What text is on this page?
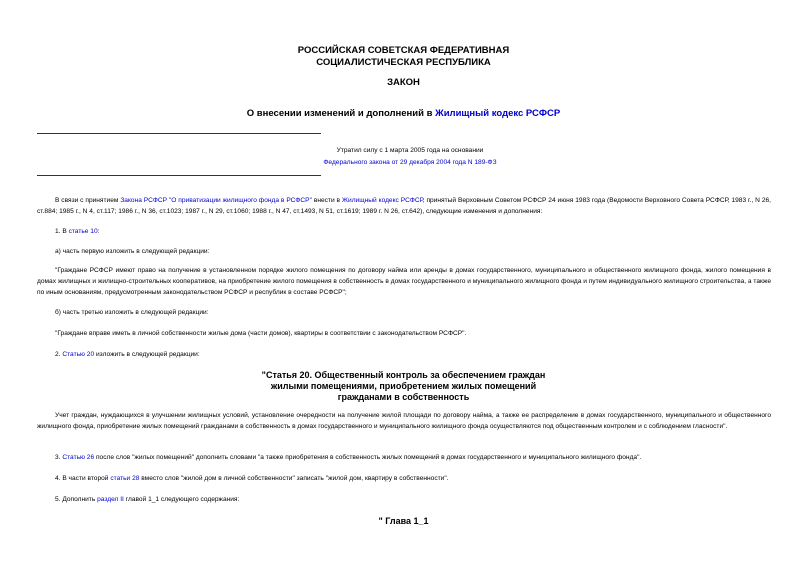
РОССИЙСКАЯ СОВЕТСКАЯ ФЕДЕРАТИВНАЯ
СОЦИАЛИСТИЧЕСКАЯ РЕСПУБЛИКА
ЗАКОН
О внесении изменений и дополнений в Жилищный кодекс РСФСР
Утратил силу с 1 марта 2005 года на основании
Федерального закона от 29 декабря 2004 года N 189-ФЗ
В связи с принятием Закона РСФСР "О приватизации жилищного фонда в РСФСР" внести в Жилищный кодекс РСФСР, принятый Верховным Советом РСФСР 24 июня 1983 года (Ведомости Верховного Совета РСФСР, 1983 г., N 26, ст.884; 1985 г., N 4, ст.117; 1986 г., N 36, ст.1023; 1987 г., N 29, ст.1060; 1988 г., N 47, ст.1493, N 51, ст.1619; 1989 г. N 26, ст.642), следующие изменения и дополнения:
1. В статье 10:
а) часть первую изложить в следующей редакции:
"Граждане РСФСР имеют право на получение в установленном порядке жилого помещения по договору найма или аренды в домах государственного, муниципального и общественного жилищного фонда, жилого помещения в домах жилищных и жилищно-строительных кооперативов, на приобретение жилого помещения в собственность в домах государственного и муниципального жилищного фонда и путем индивидуального жилищного строительства, а также по иным основаниям, предусмотренным законодательством РСФСР и республик в составе РСФСР";
б) часть третью изложить в следующей редакции:
"Граждане вправе иметь в личной собственности жилые дома (части домов), квартиры в соответствии с законодательством РСФСР".
2. Статью 20 изложить в следующей редакции:
"Статья 20. Общественный контроль за обеспечением граждан
жилыми помещениями, приобретением жилых помещений
гражданами в собственность
Учет граждан, нуждающихся в улучшении жилищных условий, установление очередности на получение жилой площади по договору найма, а также ее распределение в домах государственного, муниципального и общественного жилищного фонда, приобретение жилых помещений гражданами в собственность в домах государственного и муниципального жилищного фонда осуществляются под общественным контролем и с соблюдением гласности".
3. Статью 26 после слов "жилых помещений" дополнить словами "а также приобретения в собственность жилых помещений в домах государственного и муниципального жилищного фонда".
4. В части второй статьи 28 вместо слов "жилой дом в личной собственности" записать "жилой дом, квартиру в собственности".
5. Дополнить раздел II главой 1_1 следующего содержания:
" Глава 1_1
